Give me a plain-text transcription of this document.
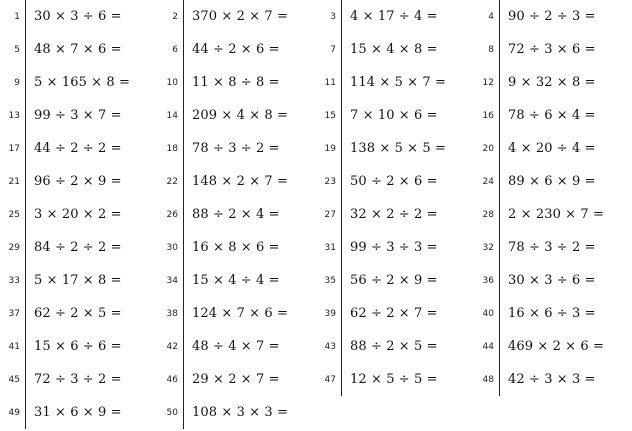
1	30 × 3 ÷ 6 =	2	370 × 2 × 7 =	3	4 × 17 ÷ 4 =	4	90 ÷ 2 ÷ 3 =
5	48 × 7 × 6 =	6	44 ÷ 2 × 6 =	7	15 × 4 × 8 =	8	72 ÷ 3 × 6 =
9	5 × 165 × 8 =	10	11 × 8 ÷ 8 =	11	114 × 5 × 7 =	12	9 × 32 × 8 =
13	99 ÷ 3 × 7 =	14	209 × 4 × 8 =	15	7 × 10 × 6 =	16	78 ÷ 6 × 4 =
17	44 ÷ 2 ÷ 2 =	18	78 ÷ 3 ÷ 2 =	19	138 × 5 × 5 =	20	4 × 20 ÷ 4 =
21	96 ÷ 2 × 9 =	22	148 × 2 × 7 =	23	50 ÷ 2 × 6 =	24	89 × 6 × 9 =
25	3 × 20 × 2 =	26	88 ÷ 2 × 4 =	27	32 × 2 ÷ 2 =	28	2 × 230 × 7 =
29	84 ÷ 2 ÷ 2 =	30	16 × 8 × 6 =	31	99 ÷ 3 ÷ 3 =	32	78 ÷ 3 ÷ 2 =
33	5 × 17 × 8 =	34	15 × 4 ÷ 4 =	35	56 ÷ 2 × 9 =	36	30 × 3 ÷ 6 =
37	62 ÷ 2 × 5 =	38	124 × 7 × 6 =	39	62 ÷ 2 × 7 =	40	16 × 6 ÷ 3 =
41	15 × 6 ÷ 6 =	42	48 ÷ 4 × 7 =	43	88 ÷ 2 × 5 =	44	469 × 2 × 6 =
45	72 ÷ 3 ÷ 2 =	46	29 × 2 × 7 =	47	12 × 5 ÷ 5 =	48	42 ÷ 3 × 3 =
49	31 × 6 × 9 =	50	108 × 3 × 3 =
